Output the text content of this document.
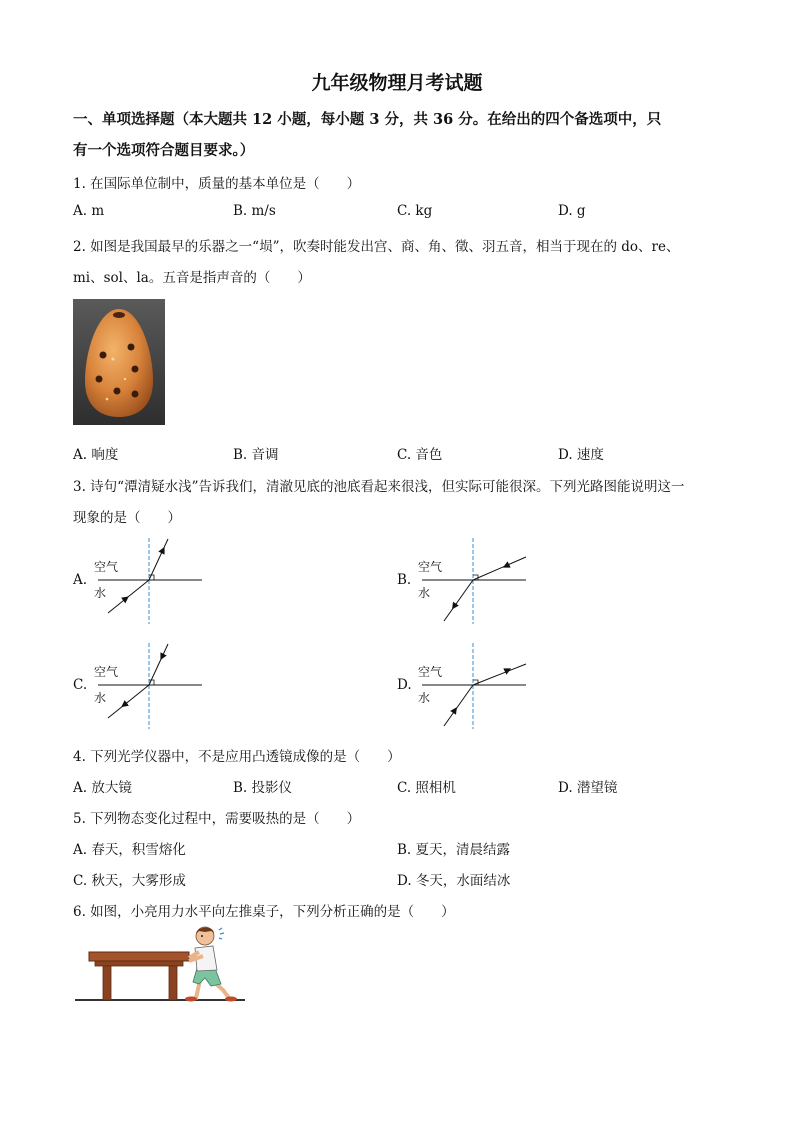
九年级物理月考试题
一、单项选择题（本大题共 12 小题，每小题 3 分，共 36 分。在给出的四个备选项中，只
有一个选项符合题目要求。）
1. 在国际单位制中，质量的基本单位是（　　）
A. m	B. m/s	C. kg	D. g
2. 如图是我国最早的乐器之一“埙”，吹奏时能发出宫、商、角、徵、羽五音，相当于现在的 do、re、
mi、sol、la。五音是指声音的（　　）
A. 响度	B. 音调	C. 音色	D. 速度
3. 诗句“潭清疑水浅”告诉我们，清澈见底的池底看起来很浅，但实际可能很深。下列光路图能说明这一
现象的是（　　）
A.	B.
C.	D.
空气
水
空气
水
空气
水
空气
水
4. 下列光学仪器中，不是应用凸透镜成像的是（　　）
A. 放大镜	B. 投影仪	C. 照相机	D. 潜望镜
5. 下列物态变化过程中，需要吸热的是（　　）
A. 春天，积雪熔化	B. 夏天，清晨结露
C. 秋天，大雾形成	D. 冬天，水面结冰
6. 如图，小亮用力水平向左推桌子，下列分析正确的是（　　）
